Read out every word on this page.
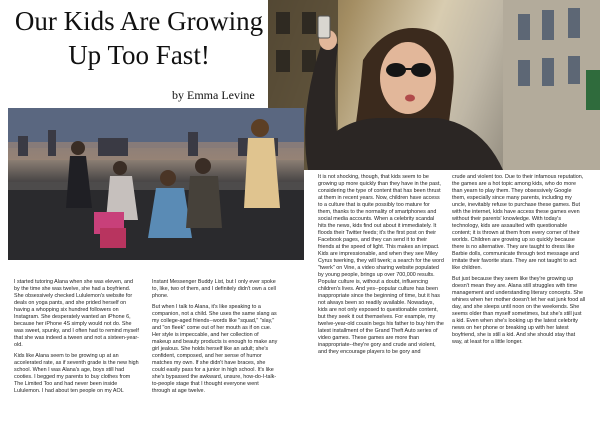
Our Kids Are Growing Up Too Fast!
by Emma Levine

I started tutoring Alana when she was eleven, and by the time she was twelve, she had a boyfriend. She obsessively checked Lululemon's website for deals on yoga pants, and she prided herself on having a whopping six hundred followers on Instagram. She desperately wanted an iPhone 6, because her iPhone 4S simply would not do. She was sweet, spunky, and I often had to remind myself that she was indeed a tween and not a sixteen-year-old.

Kids like Alana seem to be growing up at an accelerated rate, as if seventh grade is the new high school. When I was Alana's age, boys still had cooties. I begged my parents to buy clothes from The Limited Too and had never been inside Lululemon. I had about ten people on my AOL

Instant Messenger Buddy List, but I only ever spoke to, like, two of them, and I definitely didn't own a cell phone.

But when I talk to Alana, it's like speaking to a companion, not a child. She uses the same slang as my college-aged friends--words like "squad," "slay," and "on fleek" come out of her mouth as if on cue. Her style is impeccable, and her collection of makeup and beauty products is enough to make any girl jealous. She holds herself like an adult; she's confident, composed, and her sense of humor matches my own. If she didn't have braces, she could easily pass for a junior in high school. It's like she's bypassed the awkward, unsure, how-do-I-talk-to-people stage that I thought everyone went through at age twelve.

It is not shocking, though, that kids seem to be growing up more quickly than they have in the past, considering the type of content that has been thrust at them in recent years. Now, children have access to a culture that is quite possibly too mature for them, thanks to the normality of smartphones and social media accounts. When a celebrity scandal hits the news, kids find out about it immediately. It floods their Twitter feeds; it's the first post on their Facebook pages, and they can send it to their friends at the speed of light. This makes an impact. Kids are impressionable, and when they see Miley Cyrus twerking, they will twerk; a search for the word "twerk" on Vine, a video sharing website populated by young people, brings up over 700,000 results. Popular culture is, without a doubt, influencing children's lives. And yes--popular culture has been inappropriate since the beginning of time, but it has not always been so readily available. Nowadays, kids are not only exposed to questionable content, but they seek it out themselves. For example, my twelve-year-old cousin begs his father to buy him the latest installment of the Grand Theft Auto series of video games. These games are more than inappropriate--they're gory and crude and violent, and they encourage players to be gory and

crude and violent too. Due to their infamous reputation, the games are a hot topic among kids, who do more than yearn to play them. They obsessively Google them, especially since many parents, including my uncle, inevitably refuse to purchase these games. But with the internet, kids have access these games even without their parents' knowledge. With today's technology, kids are assaulted with questionable content; it is thrown at them from every corner of their worlds. Children are growing up so quickly because there is no alternative. They are taught to dress like Barbie dolls, communicate through text message and imitate their favorite stars. They are not taught to act like children.

But just because they seem like they're growing up doesn't mean they are. Alana still struggles with time management and understanding literary concepts. She whines when her mother doesn't let her eat junk food all day, and she sleeps until noon on the weekends. She seems older than myself sometimes, but she's still just a kid. Even when she's looking up the latest celebrity news on her phone or breaking up with her latest boyfriend, she is still a kid. And she should stay that way, at least for a little longer.
